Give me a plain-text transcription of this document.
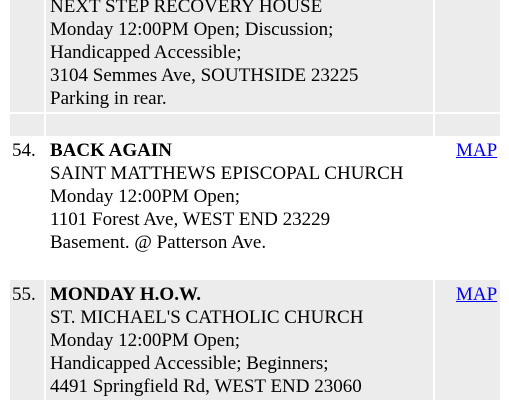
NEXT STEP RECOVERY HOUSE
Monday 12:00PM Open; Discussion;
Handicapped Accessible;
3104 Semmes Ave, SOUTHSIDE 23225
Parking in rear.
54. BACK AGAIN
SAINT MATTHEWS EPISCOPAL CHURCH
Monday 12:00PM Open;
1101 Forest Ave, WEST END 23229
Basement. @ Patterson Ave.
MAP
55. MONDAY H.O.W.
ST. MICHAEL'S CATHOLIC CHURCH
Monday 12:00PM Open;
Handicapped Accessible; Beginners;
4491 Springfield Rd, WEST END 23060
MAP
